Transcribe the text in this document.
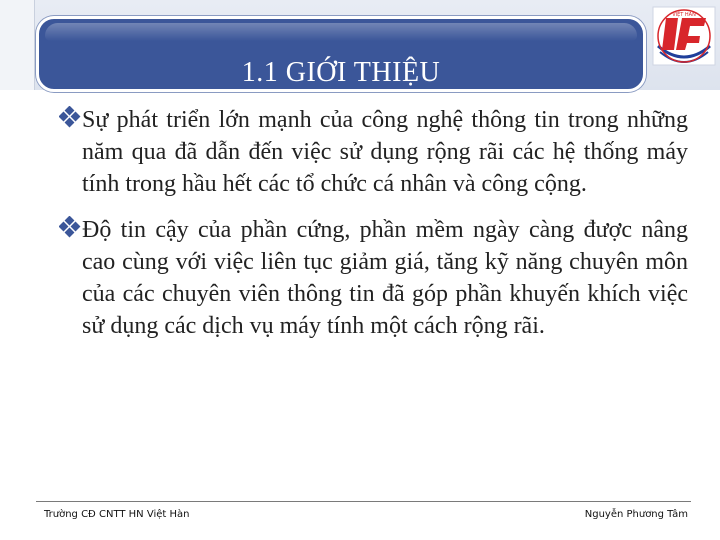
1.1 GIỚI THIỆU
VIỆT HÀN
Sự phát triển lớn mạnh của công nghệ thông tin trong những năm qua đã dẫn đến việc sử dụng rộng rãi các hệ thống máy tính trong hầu hết các tổ chức cá nhân và công cộng.
Độ tin cậy của phần cứng, phần mềm ngày càng được nâng cao cùng với việc liên tục giảm giá, tăng kỹ năng chuyên môn của các chuyên viên thông tin đã góp phần khuyến khích việc sử dụng các dịch vụ máy tính một cách rộng rãi.
Trường CĐ CNTT HN Việt Hàn	Nguyễn Phương Tâm
